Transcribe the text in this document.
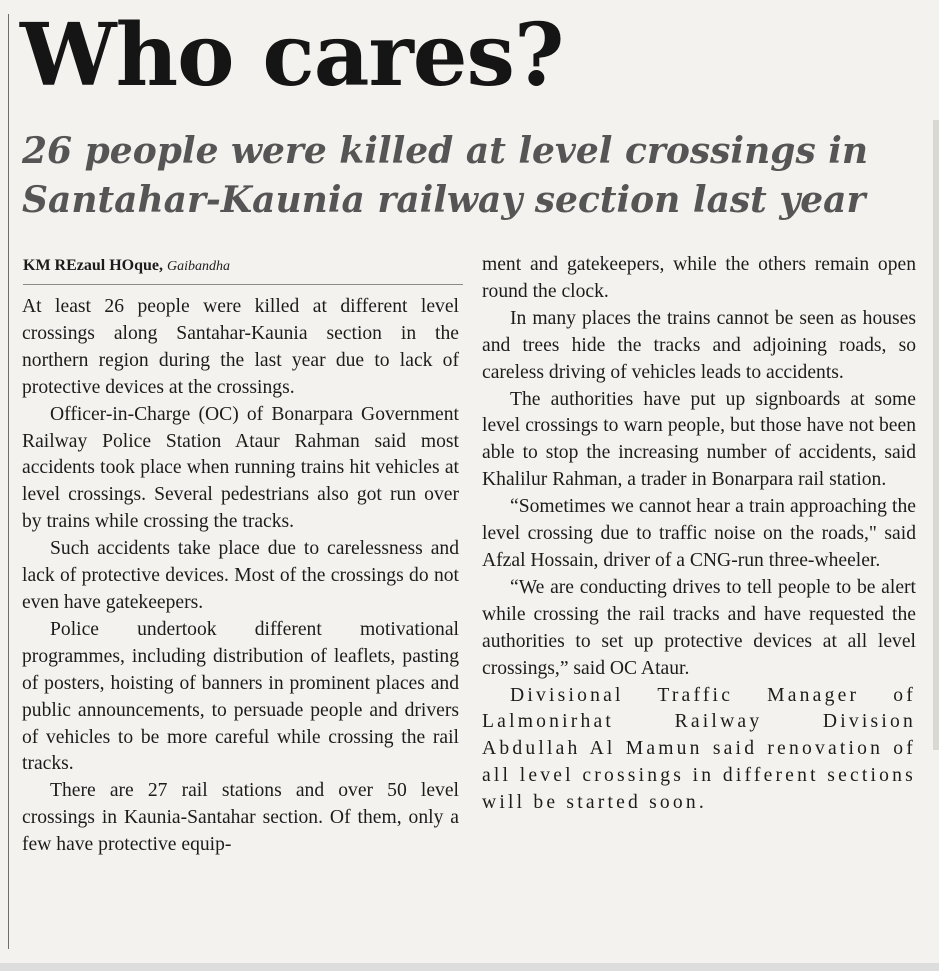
Who cares?
26 people were killed at level crossings in Santahar-Kaunia railway section last year
KM REzaul HOque, Gaibandha

At least 26 people were killed at different level crossings along Santahar-Kaunia section in the northern region during the last year due to lack of protective devices at the crossings.

Officer-in-Charge (OC) of Bonarpara Government Railway Police Station Ataur Rahman said most accidents took place when running trains hit vehicles at level crossings. Several pedestrians also got run over by trains while crossing the tracks.

Such accidents take place due to carelessness and lack of protective devices. Most of the crossings do not even have gatekeepers.

Police undertook different motivational programmes, including distribution of leaflets, pasting of posters, hoisting of banners in prominent places and public announcements, to persuade people and drivers of vehicles to be more careful while crossing the rail tracks.

There are 27 rail stations and over 50 level crossings in Kaunia-Santahar section. Of them, only a few have protective equip-

ment and gatekeepers, while the others remain open round the clock.

In many places the trains cannot be seen as houses and trees hide the tracks and adjoining roads, so careless driving of vehicles leads to accidents.

The authorities have put up signboards at some level crossings to warn people, but those have not been able to stop the increasing number of accidents, said Khalilur Rahman, a trader in Bonarpara rail station.

“Sometimes we cannot hear a train approaching the level crossing due to traffic noise on the roads," said Afzal Hossain, driver of a CNG-run three-wheeler.

“We are conducting drives to tell people to be alert while crossing the rail tracks and have requested the authorities to set up protective devices at all level crossings,” said OC Ataur.

Divisional Traffic Manager of Lalmonirhat Railway Division Abdullah Al Mamun said renovation of all level crossings in different sections will be started soon.
